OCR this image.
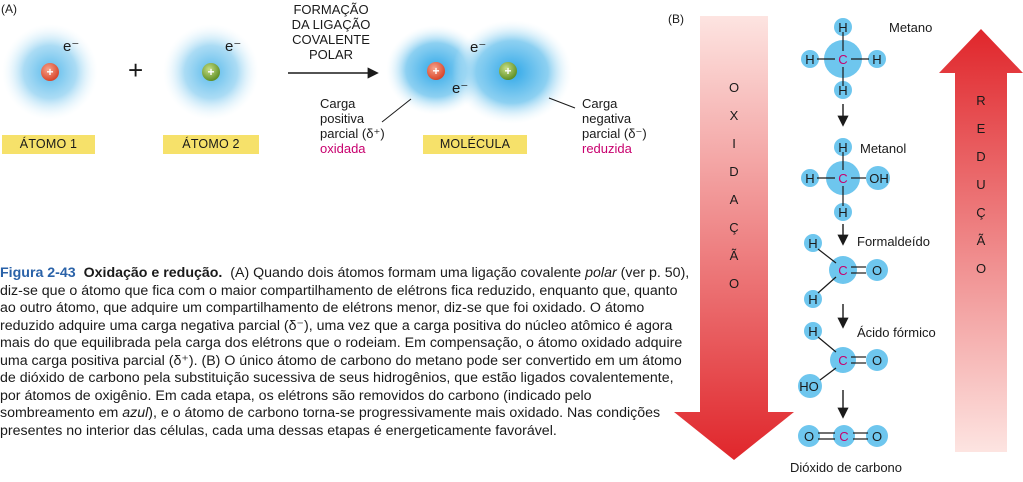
(A)
+	+	+	+
e⁻	e⁻	e⁻
e⁻
+
FORMAÇÃO
DA LIGAÇÃO
COVALENTE
POLAR
ÁTOMO 1	ÁTOMO 2	MOLÉCULA
Carga
positiva
parcial (δ⁺)
oxidada
Carga
negativa
parcial (δ⁻)
reduzida
Figura 2-43 Oxidação e redução. (A) Quando dois átomos formam uma ligação covalente polar (ver p. 50), diz-se que o átomo que fica com o maior compartilhamento de elétrons fica reduzido, enquanto que, quanto ao outro átomo, que adquire um compartilhamento de elétrons menor, diz-se que foi oxidado. O átomo reduzido adquire uma carga negativa parcial (δ⁻), uma vez que a carga positiva do núcleo atômico é agora mais do que equilibrada pela carga dos elétrons que o rodeiam. Em compensação, o átomo oxidado adquire uma carga positiva parcial (δ⁺). (B) O único átomo de carbono do metano pode ser convertido em um átomo de dióxido de carbono pela substituição sucessiva de seus hidrogênios, que estão ligados covalentemente, por átomos de oxigênio. Em cada etapa, os elétrons são removidos do carbono (indicado pelo sombreamento em azul), e o átomo de carbono torna-se progressivamente mais oxidado. Nas condições presentes no interior das células, cada uma dessas etapas é energeticamente favorável.
(B)
O
X
I
D
A
Ç
Ã
O
R
E
D
U
Ç
Ã
O
H
H
H	H
C
Metano
H
H
H C OH
Metanol
H
H
C O
Formaldeído
H
HO
C O
Ácido fórmico
O C O
Dióxido de carbono
